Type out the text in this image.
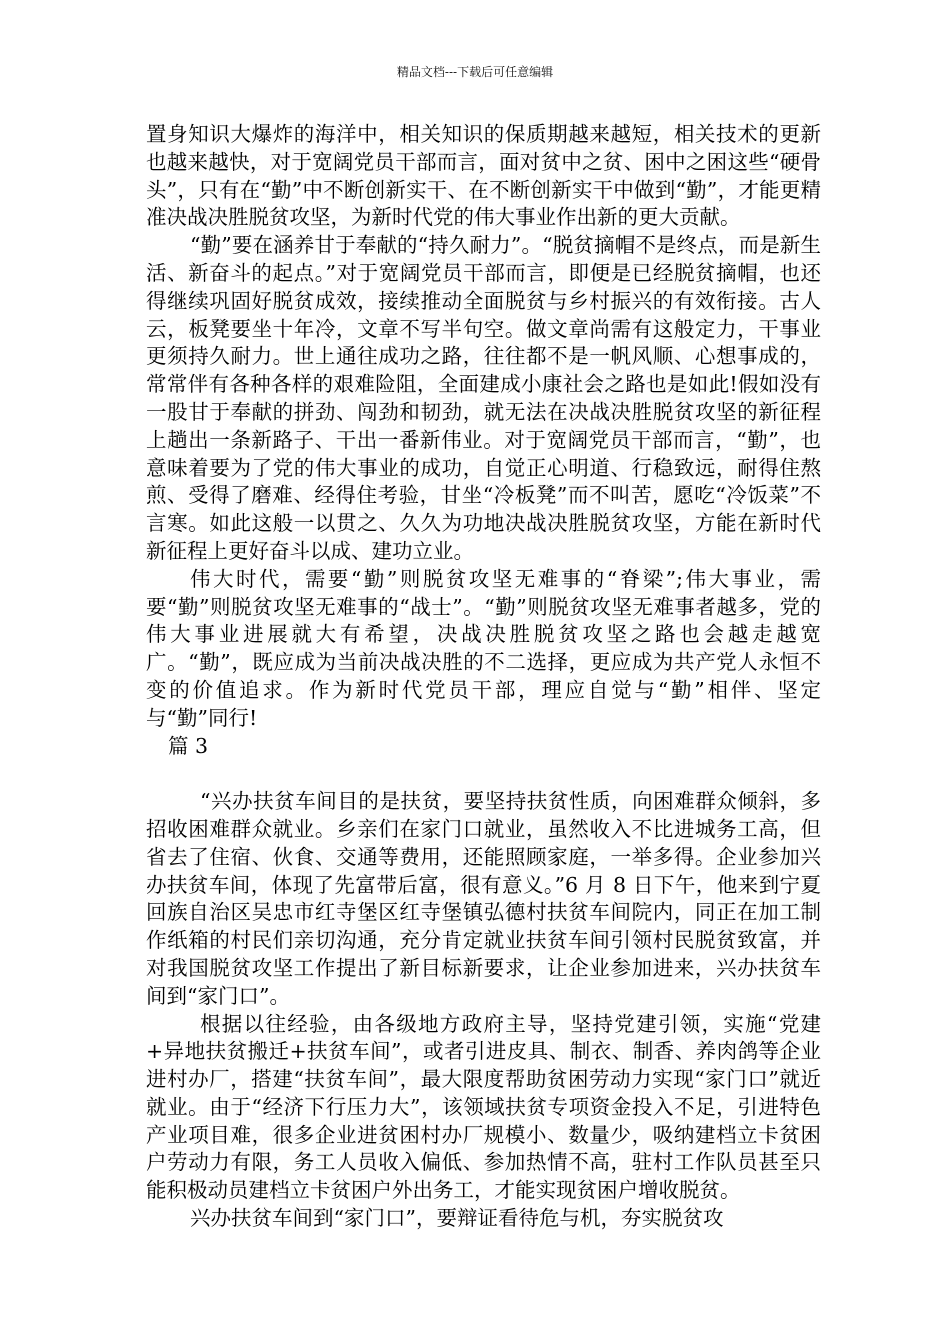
精品文档---下载后可任意编辑

置身知识大爆炸的海洋中，相关知识的保质期越来越短，相关技术的更新也越来越快，对于宽阔党员干部而言，面对贫中之贫、困中之困这些“硬骨头”，只有在“勤”中不断创新实干、在不断创新实干中做到“勤”，才能更精准决战决胜脱贫攻坚，为新时代党的伟大事业作出新的更大贡献。

“勤”要在涵养甘于奉献的“持久耐力”。“脱贫摘帽不是终点，而是新生活、新奋斗的起点。”对于宽阔党员干部而言，即便是已经脱贫摘帽，也还得继续巩固好脱贫成效，接续推动全面脱贫与乡村振兴的有效衔接。古人云，板凳要坐十年冷，文章不写半句空。做文章尚需有这般定力，干事业更须持久耐力。世上通往成功之路，往往都不是一帆风顺、心想事成的，常常伴有各种各样的艰难险阻，全面建成小康社会之路也是如此!假如没有一股甘于奉献的拼劲、闯劲和韧劲，就无法在决战决胜脱贫攻坚的新征程上趟出一条新路子、干出一番新伟业。对于宽阔党员干部而言，“勤”，也意味着要为了党的伟大事业的成功，自觉正心明道、行稳致远，耐得住熬煎、受得了磨难、经得住考验，甘坐“冷板凳”而不叫苦，愿吃“冷饭菜”不言寒。如此这般一以贯之、久久为功地决战决胜脱贫攻坚，方能在新时代新征程上更好奋斗以成、建功立业。

伟大时代，需要“勤”则脱贫攻坚无难事的“脊梁”;伟大事业，需要“勤”则脱贫攻坚无难事的“战士”。“勤”则脱贫攻坚无难事者越多，党的伟大事业进展就大有希望，决战决胜脱贫攻坚之路也会越走越宽广。“勤”，既应成为当前决战决胜的不二选择，更应成为共产党人永恒不变的价值追求。作为新时代党员干部，理应自觉与“勤”相伴、坚定与“勤”同行!

篇 3

“兴办扶贫车间目的是扶贫，要坚持扶贫性质，向困难群众倾斜，多招收困难群众就业。乡亲们在家门口就业，虽然收入不比进城务工高，但省去了住宿、伙食、交通等费用，还能照顾家庭，一举多得。企业参加兴办扶贫车间，体现了先富带后富，很有意义。”6 月 8 日下午，他来到宁夏回族自治区吴忠市红寺堡区红寺堡镇弘德村扶贫车间院内，同正在加工制作纸箱的村民们亲切沟通，充分肯定就业扶贫车间引领村民脱贫致富，并对我国脱贫攻坚工作提出了新目标新要求，让企业参加进来，兴办扶贫车间到“家门口”。

根据以往经验，由各级地方政府主导，坚持党建引领，实施“党建+异地扶贫搬迁+扶贫车间”，或者引进皮具、制衣、制香、养肉鸽等企业进村办厂，搭建“扶贫车间”，最大限度帮助贫困劳动力实现“家门口”就近就业。由于“经济下行压力大”，该领域扶贫专项资金投入不足，引进特色产业项目难，很多企业进贫困村办厂规模小、数量少，吸纳建档立卡贫困户劳动力有限，务工人员收入偏低、参加热情不高，驻村工作队员甚至只能积极动员建档立卡贫困户外出务工，才能实现贫困户增收脱贫。

兴办扶贫车间到“家门口”，要辩证看待危与机，夯实脱贫攻
